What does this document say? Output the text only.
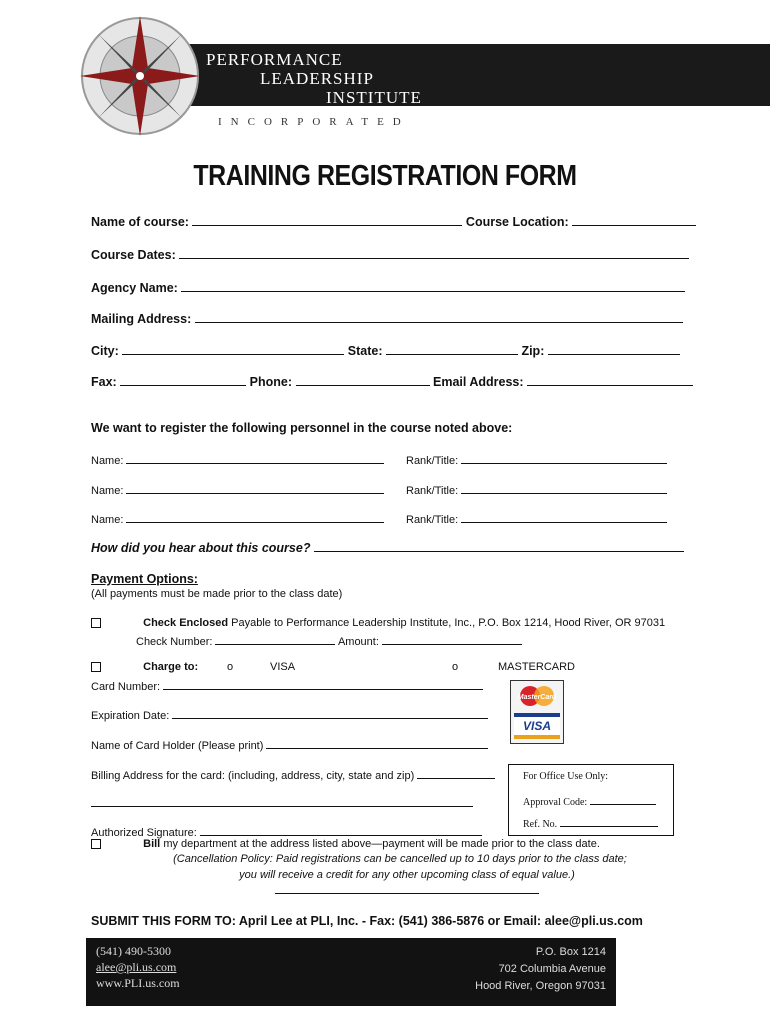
PERFORMANCE
LEADERSHIP
INSTITUTE
INCORPORATED
TRAINING REGISTRATION FORM
Name of course:	Course Location:
Course Dates:
Agency Name:
Mailing Address:
City:	State:	Zip:
Fax:	Phone:	Email Address:
We want to register the following personnel in the course noted above:
Name:	Rank/Title:
Name:	Rank/Title:
Name:	Rank/Title:
How did you hear about this course?
Payment Options:
(All payments must be made prior to the class date)
Check Enclosed Payable to Performance Leadership Institute, Inc., P.O. Box 1214, Hood River, OR 97031
Check Number:	Amount:
Charge to:	o	VISA	o	MASTERCARD
Card Number:
MasterCard
VISA
Expiration Date:
Name of Card Holder (Please print)
Billing Address for the card: (including, address, city, state and zip)	For Office Use Only:
Approval Code:
Ref. No.
Authorized Signature:
Bill my department at the address listed above—payment will be made prior to the class date.
(Cancellation Policy: Paid registrations can be cancelled up to 10 days prior to the class date;
you will receive a credit for any other upcoming class of equal value.)
SUBMIT THIS FORM TO: April Lee at PLI, Inc. - Fax: (541) 386-5876 or Email: alee@pli.us.com
(541) 490-5300
alee@pli.us.com
www.PLI.us.com
P.O. Box 1214
702 Columbia Avenue
Hood River, Oregon 97031
